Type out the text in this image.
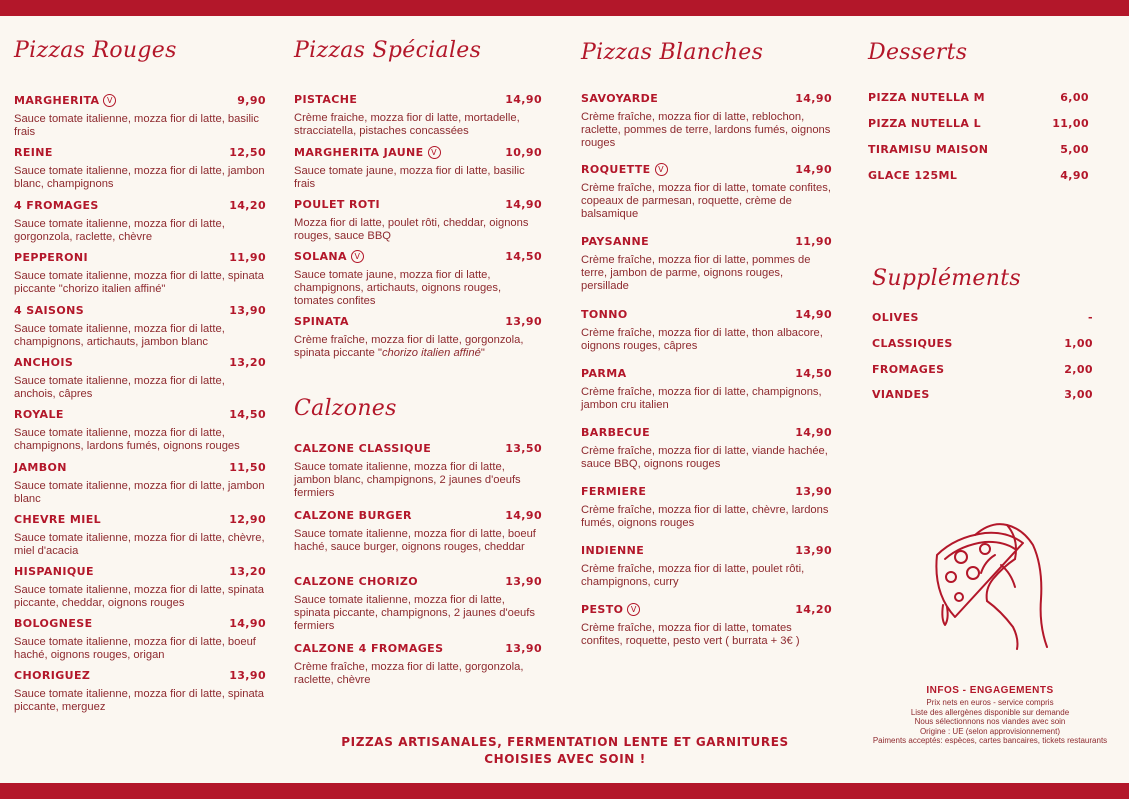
Pizzas Rouges
MARGHERITA V	9,90
Sauce tomate italienne, mozza fior di latte, basilic frais
REINE	12,50
Sauce tomate italienne, mozza fior di latte, jambon blanc, champignons
4 FROMAGES	14,20
Sauce tomate italienne, mozza fior di latte, gorgonzola, raclette, chèvre
PEPPERONI	11,90
Sauce tomate italienne, mozza fior di latte, spinata piccante "chorizo italien affiné"
4 SAISONS	13,90
Sauce tomate italienne, mozza fior di latte, champignons, artichauts, jambon blanc
ANCHOIS	13,20
Sauce tomate italienne, mozza fior di latte, anchois, câpres
ROYALE	14,50
Sauce tomate italienne, mozza fior di latte, champignons, lardons fumés, oignons rouges
JAMBON	11,50
Sauce tomate italienne, mozza fior di latte, jambon blanc
CHEVRE MIEL	12,90
Sauce tomate italienne, mozza fior di latte, chèvre, miel d'acacia
HISPANIQUE	13,20
Sauce tomate italienne, mozza fior di latte, spinata piccante, cheddar, oignons rouges
BOLOGNESE	14,90
Sauce tomate italienne, mozza fior di latte, boeuf haché, oignons rouges, origan
CHORIGUEZ	13,90
Sauce tomate italienne, mozza fior di latte, spinata piccante, merguez
Pizzas Spéciales
PISTACHE	14,90
Crème fraiche, mozza fior di latte, mortadelle, stracciatella, pistaches concassées
MARGHERITA JAUNE V	10,90
Sauce tomate jaune, mozza fior di latte, basilic frais
POULET ROTI	14,90
Mozza fior di latte, poulet rôti, cheddar, oignons rouges, sauce BBQ
SOLANA V	14,50
Sauce tomate jaune, mozza fior di latte, champignons, artichauts, oignons rouges, tomates confites
SPINATA	13,90
Crème fraîche, mozza fior di latte, gorgonzola, spinata piccante "chorizo italien affiné"
Calzones
CALZONE CLASSIQUE	13,50
Sauce tomate italienne, mozza fior di latte, jambon blanc, champignons, 2 jaunes d'oeufs fermiers
CALZONE BURGER	14,90
Sauce tomate italienne, mozza fior di latte, boeuf haché, sauce burger, oignons rouges, cheddar
CALZONE CHORIZO	13,90
Sauce tomate italienne, mozza fior di latte, spinata piccante, champignons, 2 jaunes d'oeufs fermiers
CALZONE 4 FROMAGES	13,90
Crème fraîche, mozza fior di latte, gorgonzola, raclette, chèvre
Pizzas Blanches
SAVOYARDE	14,90
Crème fraîche, mozza fior di latte, reblochon, raclette, pommes de terre, lardons fumés, oignons rouges
ROQUETTE V	14,90
Crème fraîche, mozza fior di latte, tomate confites, copeaux de parmesan, roquette, crème de balsamique
PAYSANNE	11,90
Crème fraîche, mozza fior di latte, pommes de terre, jambon de parme, oignons rouges, persillade
TONNO	14,90
Crème fraîche, mozza fior di latte, thon albacore, oignons rouges, câpres
PARMA	14,50
Crème fraîche, mozza fior di latte, champignons, jambon cru italien
BARBECUE	14,90
Crème fraîche, mozza fior di latte, viande hachée, sauce BBQ, oignons rouges
FERMIERE	13,90
Crème fraîche, mozza fior di latte, chèvre, lardons fumés, oignons rouges
INDIENNE	13,90
Crème fraîche, mozza fior di latte, poulet rôti, champignons, curry
PESTO V	14,20
Crème fraîche, mozza fior di latte, tomates confites, roquette, pesto vert ( burrata + 3€ )
Desserts
PIZZA NUTELLA M	6,00
PIZZA NUTELLA L	11,00
TIRAMISU MAISON	5,00
GLACE 125ML	4,90
Suppléments
OLIVES	-
CLASSIQUES	1,00
FROMAGES	2,00
VIANDES	3,00
PIZZAS ARTISANALES, FERMENTATION LENTE ET GARNITURES
CHOISIES AVEC SOIN !
INFOS - ENGAGEMENTS
Prix nets en euros - service compris
Liste des allergènes disponible sur demande
Nous sélectionnons nos viandes avec soin
Origine : UE (selon approvisionnement)
Paiments acceptés: espèces, cartes bancaires, tickets restaurants
